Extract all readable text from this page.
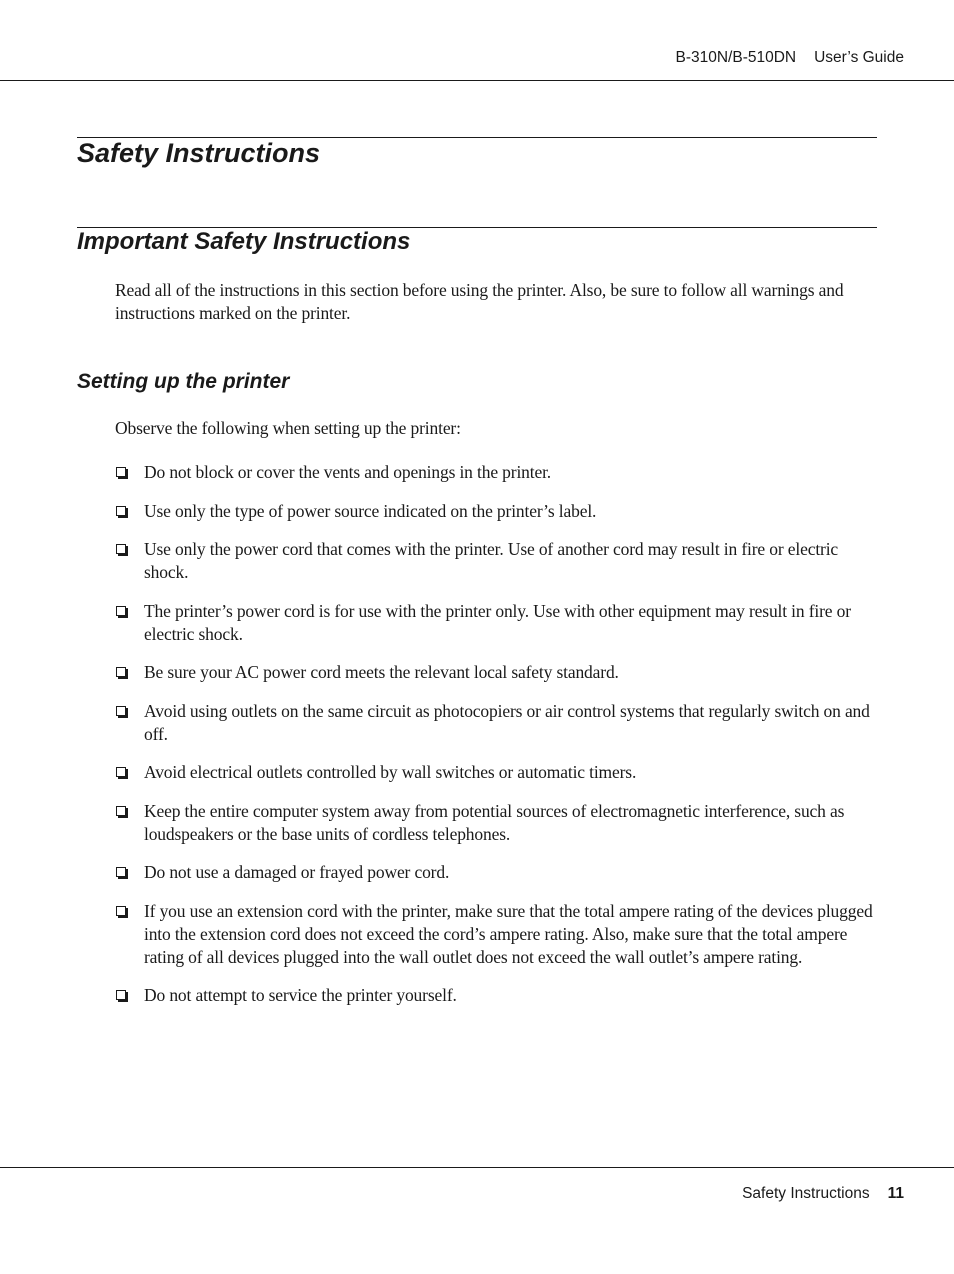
B-310N/B-510DN User’s Guide
Safety Instructions
Important Safety Instructions

Read all of the instructions in this section before using the printer. Also, be sure to follow all warnings and instructions marked on the printer.

Setting up the printer

Observe the following when setting up the printer:

Do not block or cover the vents and openings in the printer.
Use only the type of power source indicated on the printer’s label.
Use only the power cord that comes with the printer. Use of another cord may result in fire or electric shock.
The printer’s power cord is for use with the printer only. Use with other equipment may result in fire or electric shock.
Be sure your AC power cord meets the relevant local safety standard.
Avoid using outlets on the same circuit as photocopiers or air control systems that regularly switch on and off.
Avoid electrical outlets controlled by wall switches or automatic timers.
Keep the entire computer system away from potential sources of electromagnetic interference, such as loudspeakers or the base units of cordless telephones.
Do not use a damaged or frayed power cord.
If you use an extension cord with the printer, make sure that the total ampere rating of the devices plugged into the extension cord does not exceed the cord’s ampere rating. Also, make sure that the total ampere rating of all devices plugged into the wall outlet does not exceed the wall outlet’s ampere rating.
Do not attempt to service the printer yourself.
Safety Instructions 11
